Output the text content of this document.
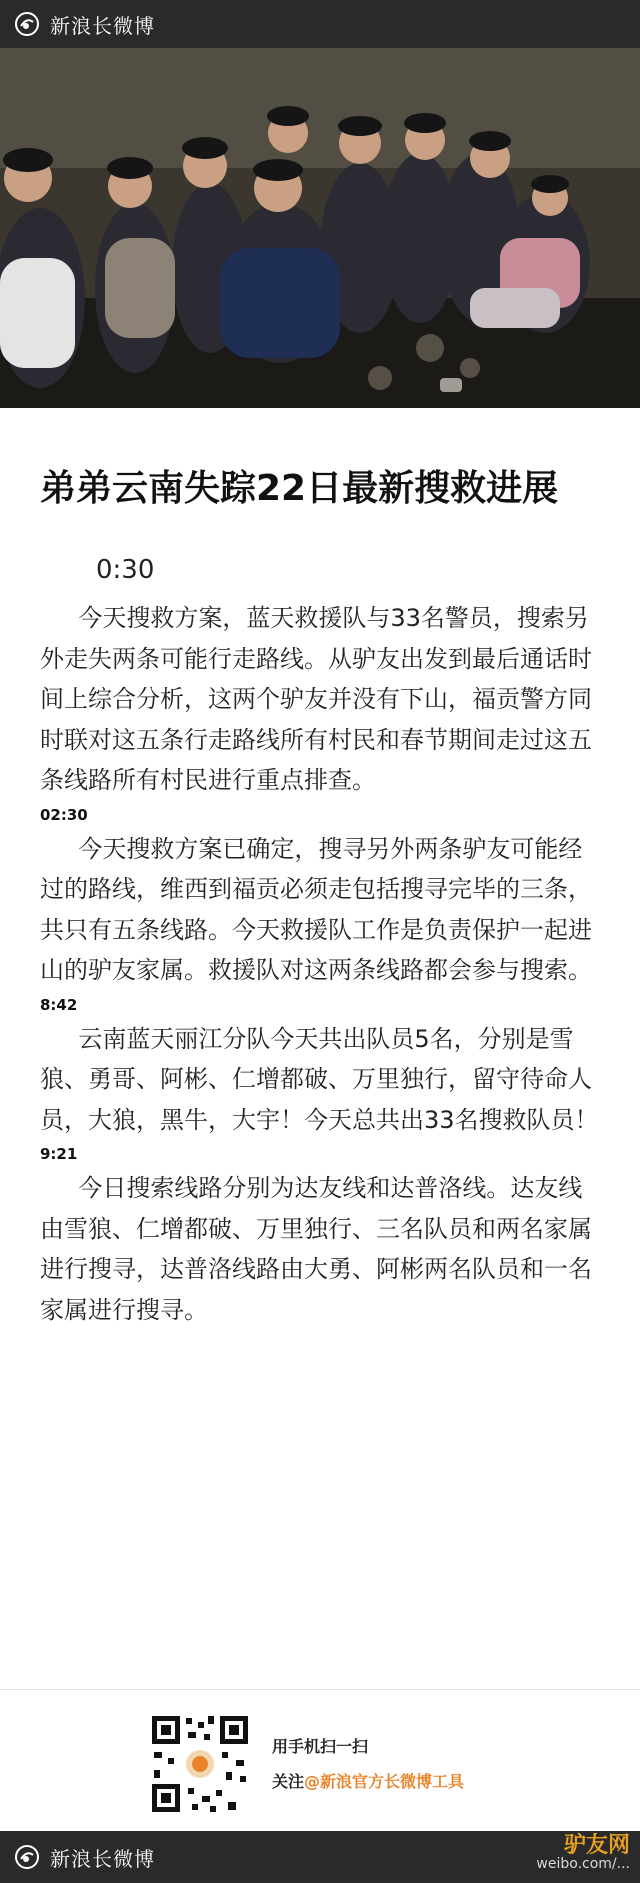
新浪长微博
弟弟云南失踪22日最新搜救进展
0:30

今天搜救方案，蓝天救援队与33名警员，搜索另外走失两条可能行走路线。从驴友出发到最后通话时间上综合分析，这两个驴友并没有下山，福贡警方同时联对这五条行走路线所有村民和春节期间走过这五条线路所有村民进行重点排查。

02:30

今天搜救方案已确定，搜寻另外两条驴友可能经过的路线，维西到福贡必须走包括搜寻完毕的三条，共只有五条线路。今天救援队工作是负责保护一起进山的驴友家属。救援队对这两条线路都会参与搜索。

8:42

云南蓝天丽江分队今天共出队员5名，分别是雪狼、勇哥、阿彬、仁增都破、万里独行，留守待命人员，大狼，黑牛，大宇！今天总共出33名搜救队员！

9:21

今日搜索线路分别为达友线和达普洛线。达友线由雪狼、仁增都破、万里独行、三名队员和两名家属进行搜寻，达普洛线路由大勇、阿彬两名队员和一名家属进行搜寻。

用手机扫一扫
关注@新浪官方长微博工具
新浪长微博
驴友网
weibo.com/...
